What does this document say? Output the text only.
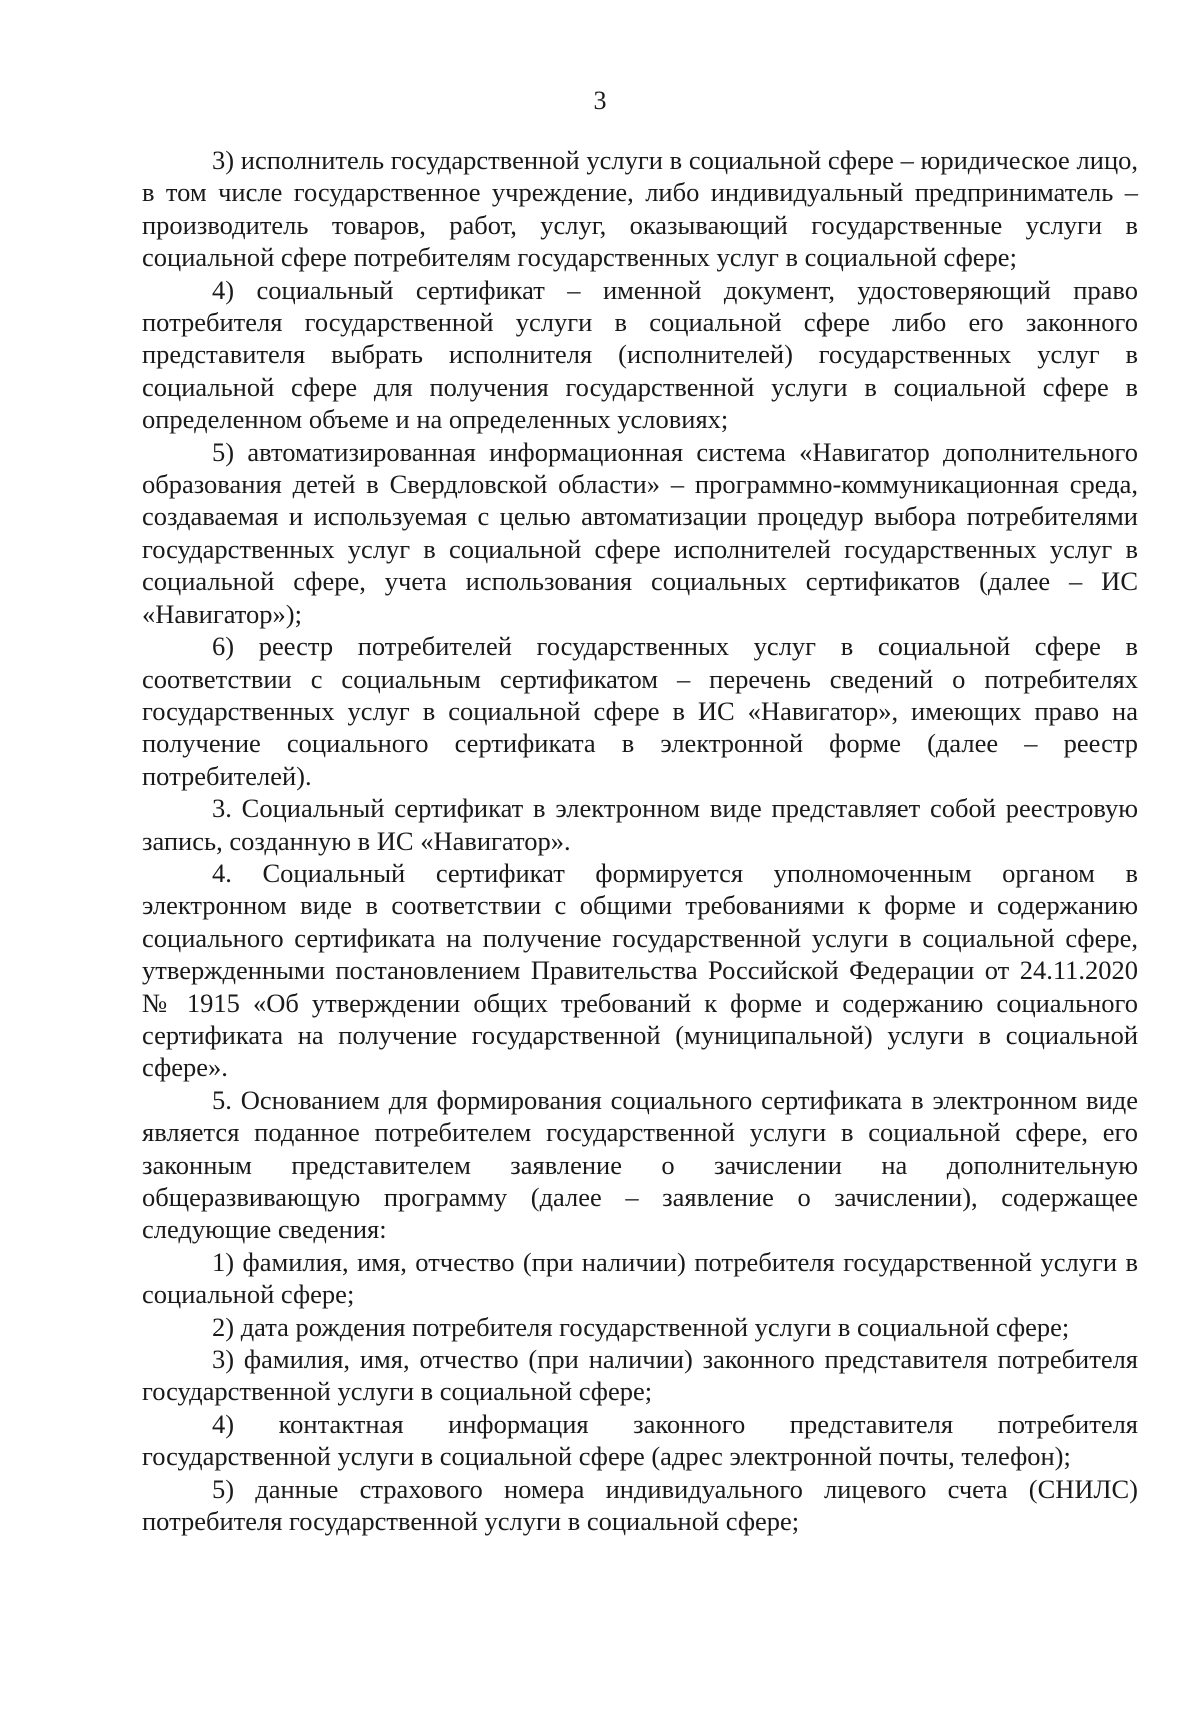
3

3) исполнитель государственной услуги в социальной сфере – юридическое лицо, в том числе государственное учреждение, либо индивидуальный предприниматель – производитель товаров, работ, услуг, оказывающий государственные услуги в социальной сфере потребителям государственных услуг в социальной сфере;

4) социальный сертификат – именной документ, удостоверяющий право потребителя государственной услуги в социальной сфере либо его законного представителя выбрать исполнителя (исполнителей) государственных услуг в социальной сфере для получения государственной услуги в социальной сфере в определенном объеме и на определенных условиях;

5) автоматизированная информационная система «Навигатор дополнительного образования детей в Свердловской области» – программно-коммуникационная среда, создаваемая и используемая с целью автоматизации процедур выбора потребителями государственных услуг в социальной сфере исполнителей государственных услуг в социальной сфере, учета использования социальных сертификатов (далее – ИС «Навигатор»);

6) реестр потребителей государственных услуг в социальной сфере в соответствии с социальным сертификатом – перечень сведений о потребителях государственных услуг в социальной сфере в ИС «Навигатор», имеющих право на получение социального сертификата в электронной форме (далее – реестр потребителей).

3. Социальный сертификат в электронном виде представляет собой реестровую запись, созданную в ИС «Навигатор».

4. Социальный сертификат формируется уполномоченным органом в электронном виде в соответствии с общими требованиями к форме и содержанию социального сертификата на получение государственной услуги в социальной сфере, утвержденными постановлением Правительства Российской Федерации от 24.11.2020 № 1915 «Об утверждении общих требований к форме и содержанию социального сертификата на получение государственной (муниципальной) услуги в социальной сфере».

5. Основанием для формирования социального сертификата в электронном виде является поданное потребителем государственной услуги в социальной сфере, его законным представителем заявление о зачислении на дополнительную общеразвивающую программу (далее – заявление о зачислении), содержащее следующие сведения:

1) фамилия, имя, отчество (при наличии) потребителя государственной услуги в социальной сфере;

2) дата рождения потребителя государственной услуги в социальной сфере;

3) фамилия, имя, отчество (при наличии) законного представителя потребителя государственной услуги в социальной сфере;

4) контактная информация законного представителя потребителя государственной услуги в социальной сфере (адрес электронной почты, телефон);

5) данные страхового номера индивидуального лицевого счета (СНИЛС) потребителя государственной услуги в социальной сфере;
